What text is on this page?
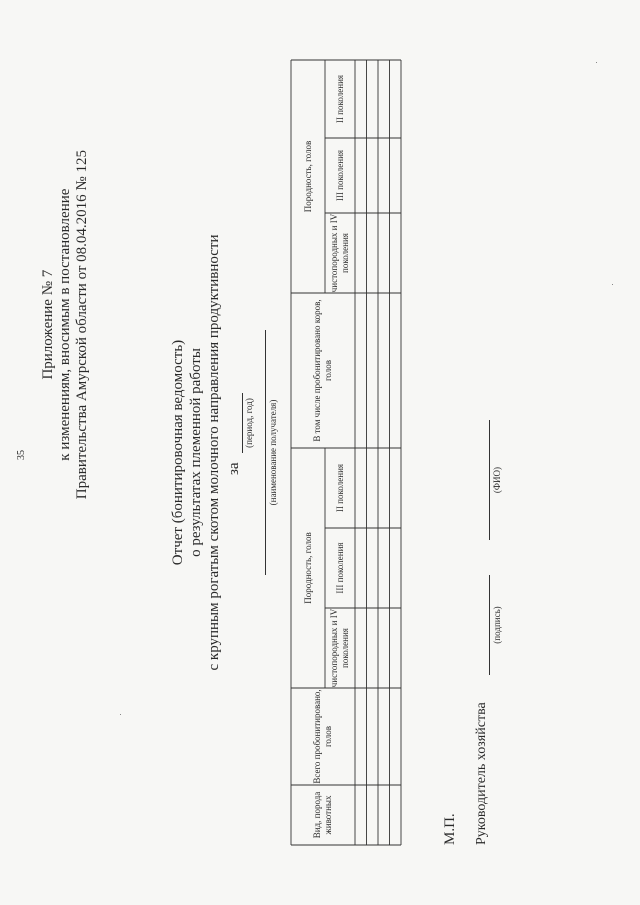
35
Приложение № 7 к изменениям, вносимым в постановление Правительства Амурской области от 08.04.2016 № 125	Отчет (бонитировочная ведомость) о результатах племенной работы с крупным рогатым скотом молочного направления продуктивности за
(период, год) (наименование получателя)
Вид, порода животных
Всего пробонитировано, голов
Породность, голов
чистопородных и IV поколения
III поколения
II поколения
В том числе пробонитировано коров, голов
Породность, голов
чистопородных и IV поколения
III поколения
II поколения
М.П. Руководитель хозяйства
(подпись)
(ФИО)
